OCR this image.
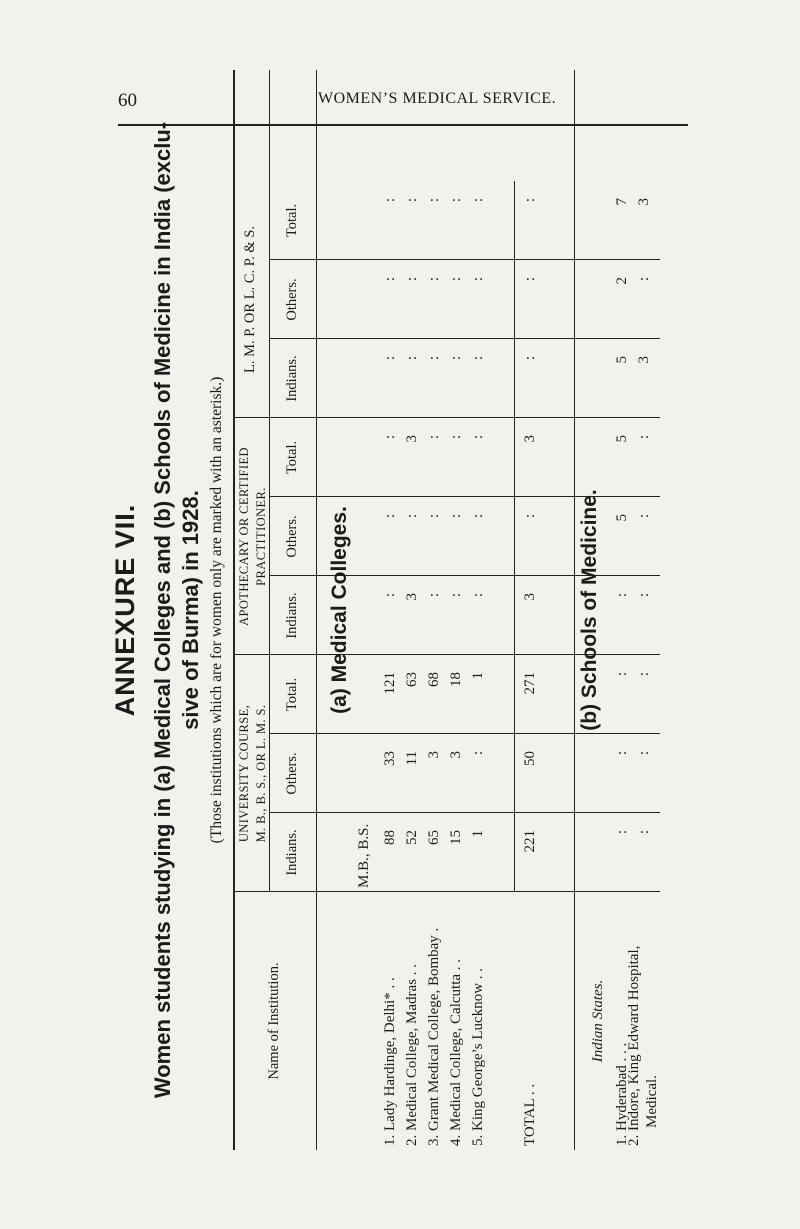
60	WOMEN’S MEDICAL SERVICE.
ANNEXURE VII. Women students studying in (a) Medical Colleges and (b) Schools of Medicine in India (exclu- sive of Burma) in 1928. (Those institutions which are for women only are marked with an asterisk.)
Name of Institution.
UNIVERSITY COURSE, M. B., B. S., OR L. M. S.
APOTHECARY OR CERTIFIED PRACTITIONER.
L. M. P. OR L. C. P. & S.
Indians.
Others.
Total.
Indians.
Others.
Total.
Indians.
Others.
Total.
(a) Medical Colleges.
M.B., B.S.
1. Lady Hardinge, Delhi* . .
88
33
121
:
:
:
:
:
:
2. Medical College, Madras . .
52
11
63
3
:
3
:
:
:
3. Grant Medical College, Bombay .
65
3
68
:
:
:
:
:
:
4. Medical College, Calcutta . .
15
3
18
:
:
:
:
:
:
5. King George’s Lucknow . .
1
:
1
:
:
:
:
:
:
TOTAL . .
221
50
271
3
:
3
:
:
:
(b) Schools of Medicine.
Indian States.
1. Hyderabad . . .
:
:
:
:
5
5
5
2
7
2. Indore, King Edward Hospital, Medical.
:
:
:
:
:
:
3
:
3
